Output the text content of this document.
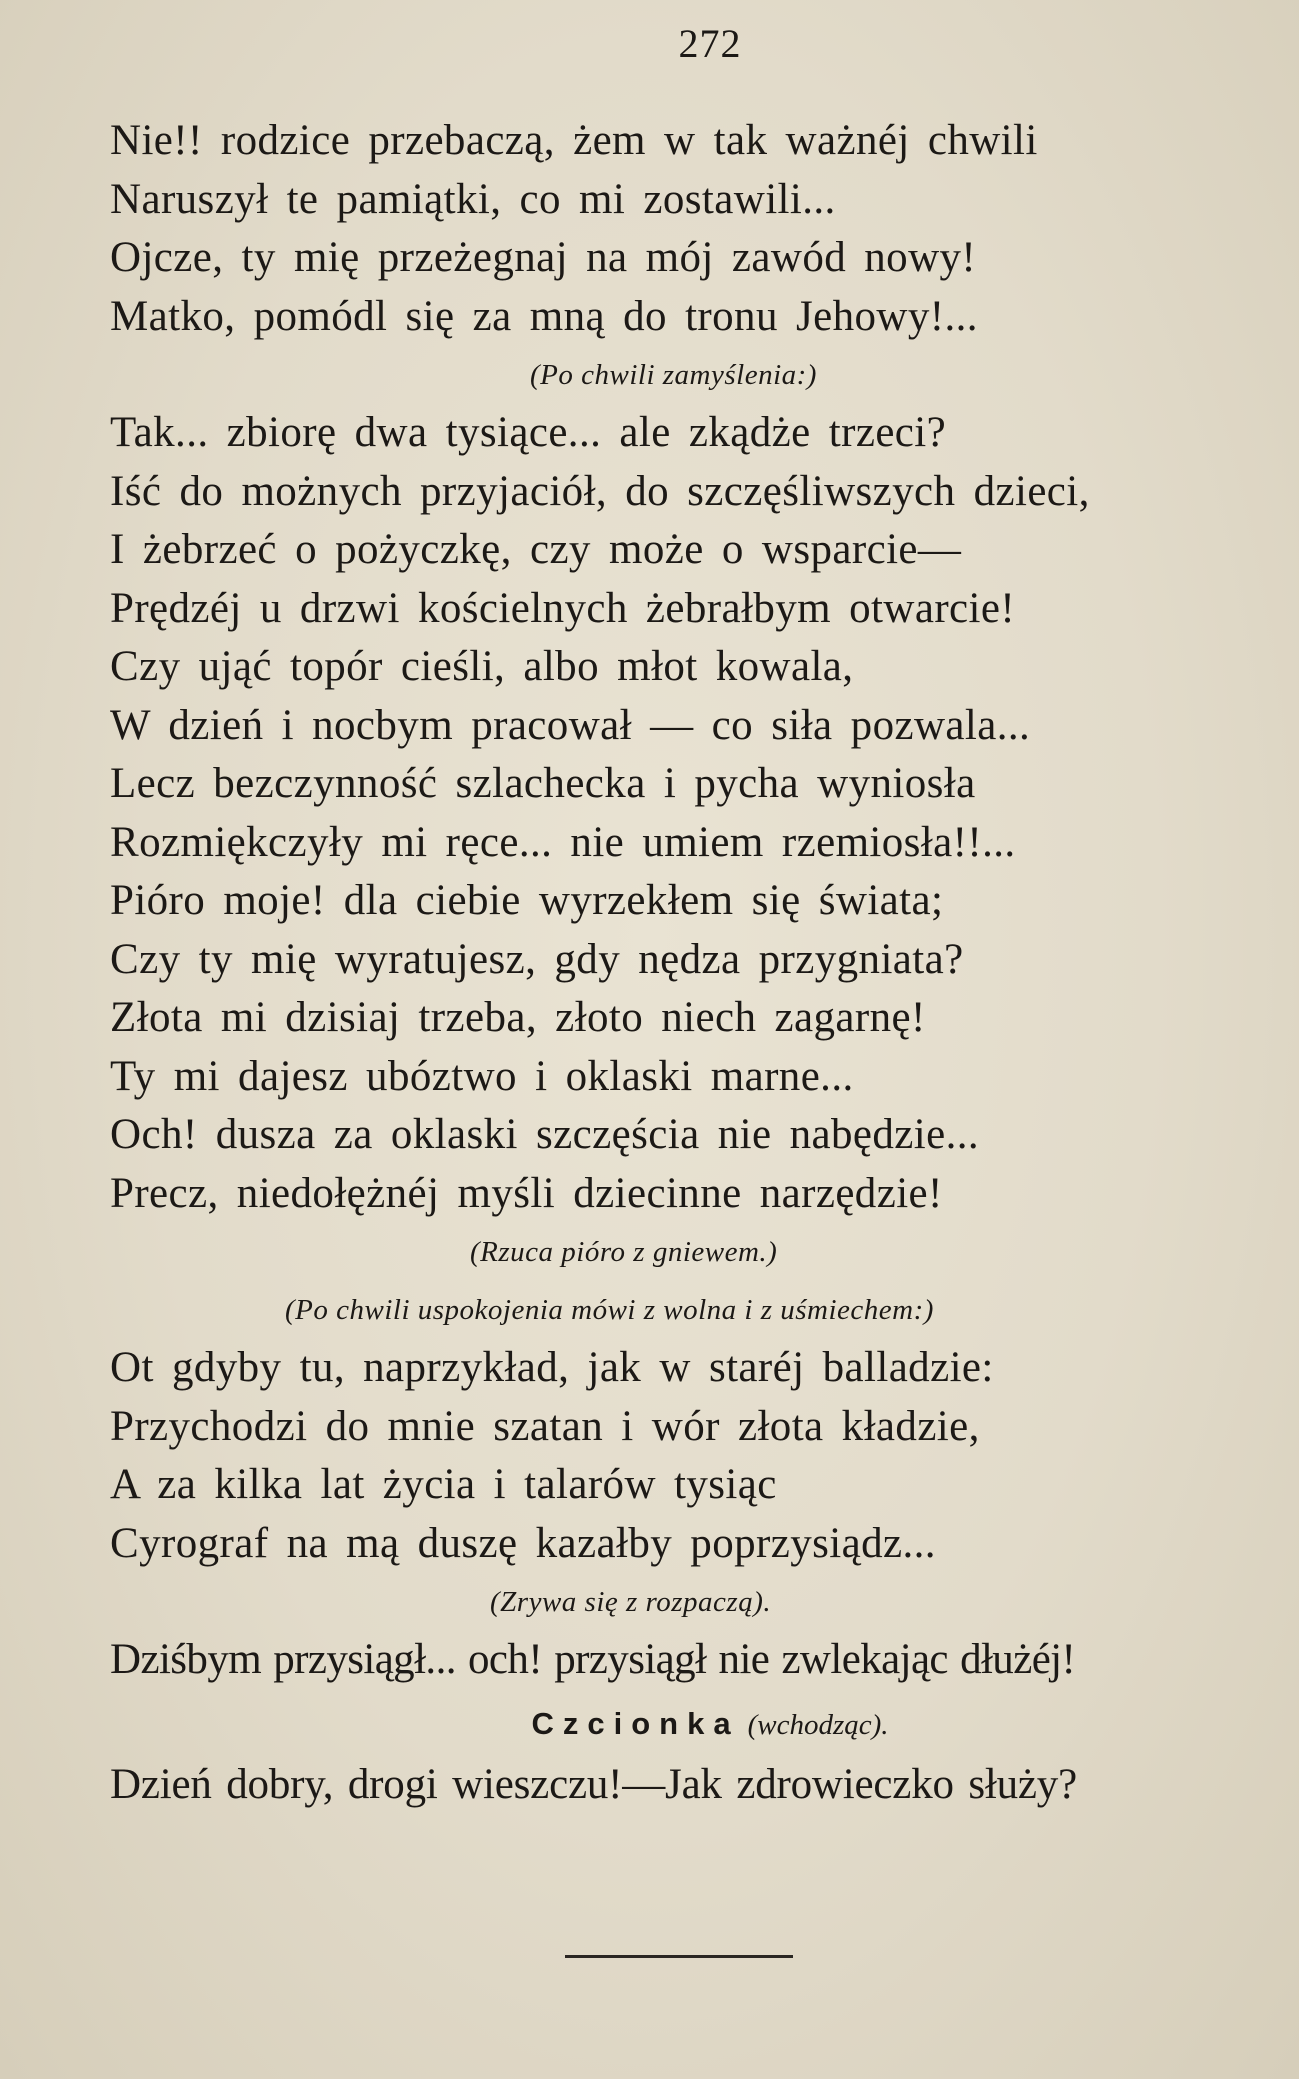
272
Nie!! rodzice przebaczą, żem w tak ważnéj chwili
Naruszył te pamiątki, co mi zostawili...
Ojcze, ty mię przeżegnaj na mój zawód nowy!
Matko, pomódl się za mną do tronu Jehowy!...
(Po chwili zamyślenia:)
Tak... zbiorę dwa tysiące... ale zkądże trzeci?
Iść do możnych przyjaciół, do szczęśliwszych dzieci,
I żebrzeć o pożyczkę, czy może o wsparcie—
Prędzéj u drzwi kościelnych żebrałbym otwarcie!
Czy ująć topór cieśli, albo młot kowala,
W dzień i nocbym pracował — co siła pozwala...
Lecz bezczynność szlachecka i pycha wyniosła
Rozmiękczyły mi ręce... nie umiem rzemiosła!!...
Pióro moje! dla ciebie wyrzekłem się świata;
Czy ty mię wyratujesz, gdy nędza przygniata?
Złota mi dzisiaj trzeba, złoto niech zagarnę!
Ty mi dajesz ubóztwo i oklaski marne...
Och! dusza za oklaski szczęścia nie nabędzie...
Precz, niedołężnéj myśli dziecinne narzędzie!
(Rzuca pióro z gniewem.)
(Po chwili uspokojenia mówi z wolna i z uśmiechem:)
Ot gdyby tu, naprzykład, jak w staréj balladzie:
Przychodzi do mnie szatan i wór złota kładzie,
A za kilka lat życia i talarów tysiąc
Cyrograf na mą duszę kazałby poprzysiądz...
(Zrywa się z rozpaczą).
Dziśbym przysiągł... och! przysiągł nie zwlekając dłużéj!
Czcionka (wchodząc).
Dzień dobry, drogi wieszczu!—Jak zdrowieczko służy?
